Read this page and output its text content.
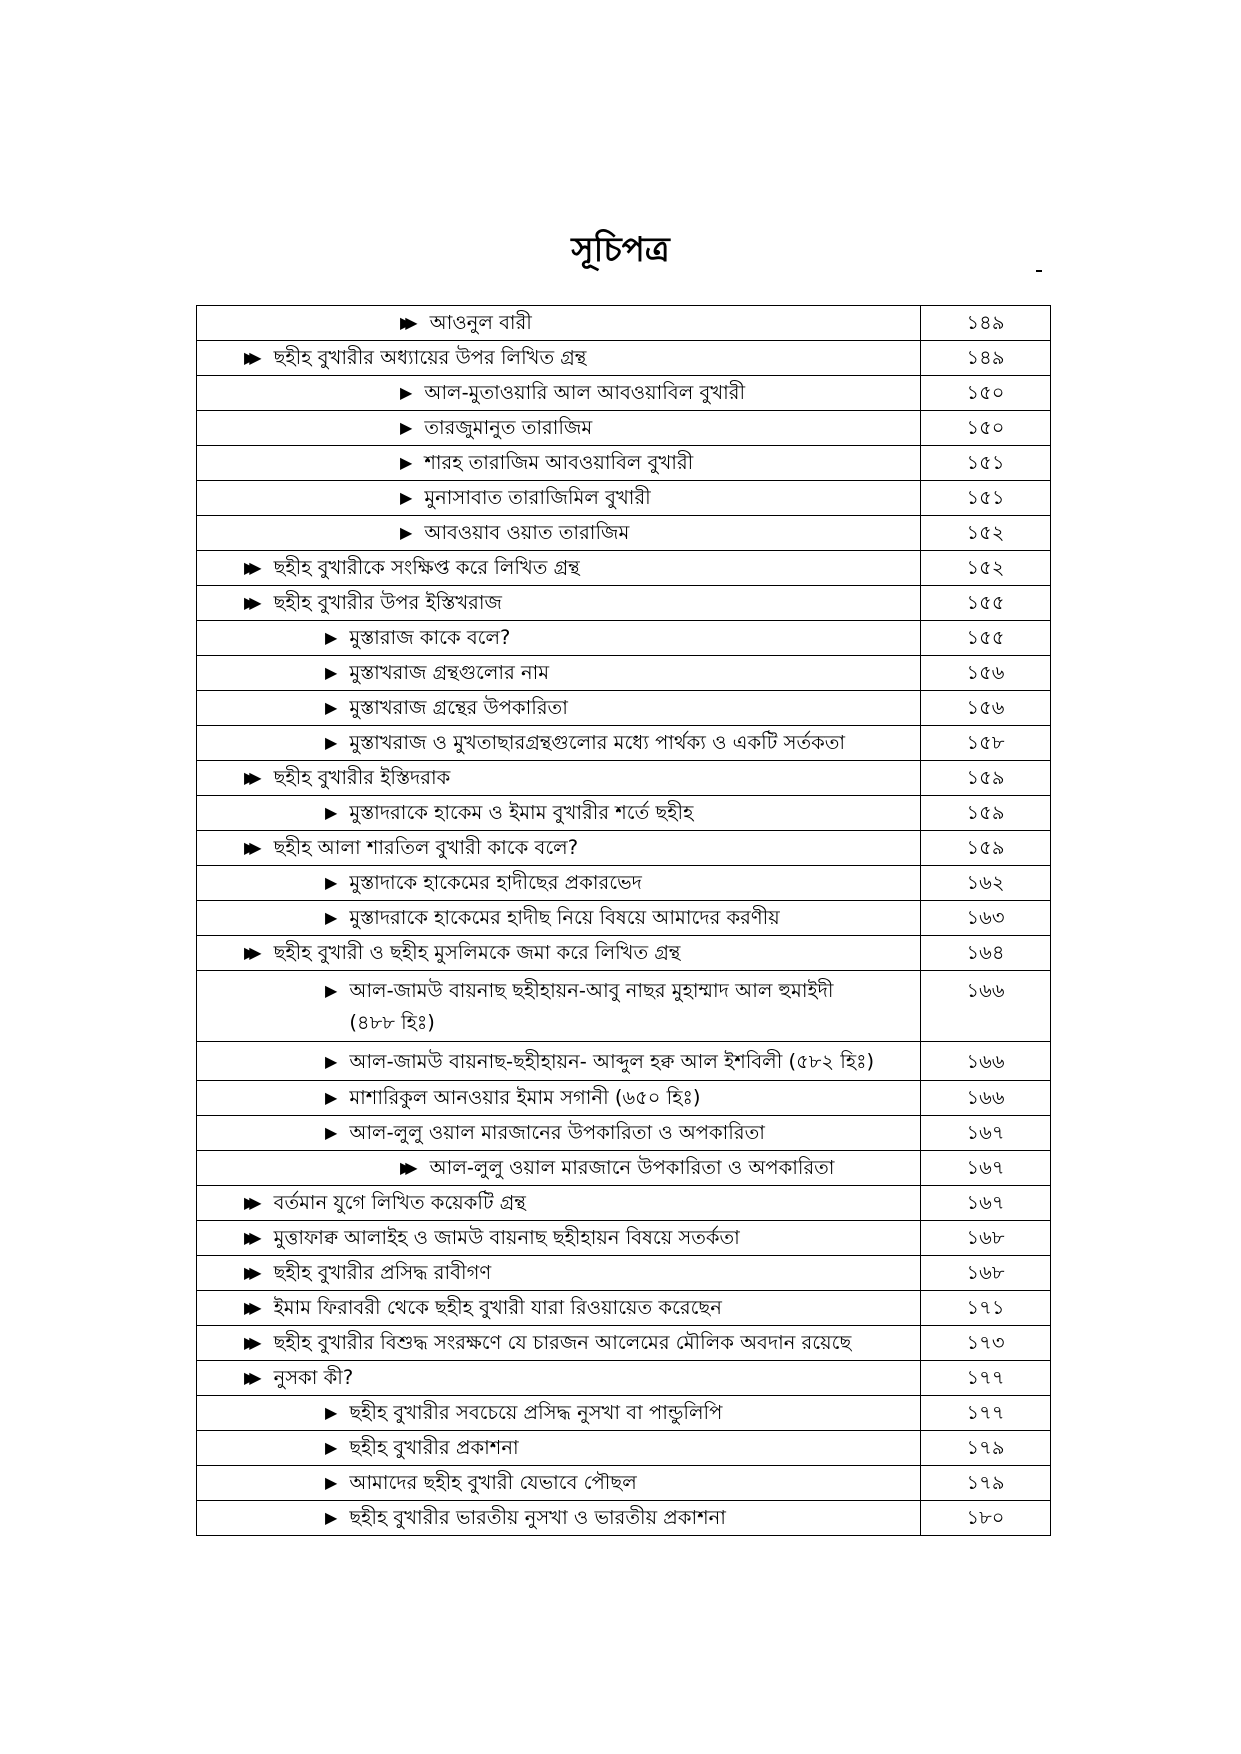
সূচিপত্র
▶▶ আওনুল বারী	১৪৯
▶▶ ছহীহ বুখারীর অধ্যায়ের উপর লিখিত গ্রন্থ	১৪৯
▶ আল-মুতাওয়ারি আল আবওয়াবিল বুখারী	১৫০
▶ তারজুমানুত তারাজিম	১৫০
▶ শারহ তারাজিম আবওয়াবিল বুখারী	১৫১
▶ মুনাসাবাত তারাজিমিল বুখারী	১৫১
▶ আবওয়াব ওয়াত তারাজিম	১৫২
▶▶ ছহীহ বুখারীকে সংক্ষিপ্ত করে লিখিত গ্রন্থ	১৫২
▶▶ ছহীহ বুখারীর উপর ইস্তিখরাজ	১৫৫
▶ মুস্তারাজ কাকে বলে?	১৫৫
▶ মুস্তাখরাজ গ্রন্থগুলোর নাম	১৫৬
▶ মুস্তাখরাজ গ্রন্থের উপকারিতা	১৫৬
▶ মুস্তাখরাজ ও মুখতাছারগ্রন্থগুলোর মধ্যে পার্থক্য ও একটি সর্তকতা	১৫৮
▶▶ ছহীহ বুখারীর ইস্তিদরাক	১৫৯
▶ মুস্তাদরাকে হাকেম ও ইমাম বুখারীর শর্তে ছহীহ	১৫৯
▶▶ ছহীহ আলা শারতিল বুখারী কাকে বলে?	১৫৯
▶ মুস্তাদাকে হাকেমের হাদীছের প্রকারভেদ	১৬২
▶ মুস্তাদরাকে হাকেমের হাদীছ নিয়ে বিষয়ে আমাদের করণীয়	১৬৩
▶▶ ছহীহ বুখারী ও ছহীহ মুসলিমকে জমা করে লিখিত গ্রন্থ	১৬৪
▶ আল-জামউ বায়নাছ ছহীহায়ন-আবু নাছর মুহাম্মাদ আল হুমাইদী (৪৮৮ হিঃ)	১৬৬
▶ আল-জামউ বায়নাছ-ছহীহায়ন- আব্দুল হক্ব আল ইশবিলী (৫৮২ হিঃ)	১৬৬
▶ মাশারিকুল আনওয়ার ইমাম সগানী (৬৫০ হিঃ)	১৬৬
▶ আল-লুলু ওয়াল মারজানের উপকারিতা ও অপকারিতা	১৬৭
▶▶ আল-লুলু ওয়াল মারজানে উপকারিতা ও অপকারিতা	১৬৭
▶▶ বর্তমান যুগে লিখিত কয়েকটি গ্রন্থ	১৬৭
▶▶ মুত্তাফাক্ব আলাইহ ও জামউ বায়নাছ ছহীহায়ন বিষয়ে সতর্কতা	১৬৮
▶▶ ছহীহ বুখারীর প্রসিদ্ধ রাবীগণ	১৬৮
▶▶ ইমাম ফিরাবরী থেকে ছহীহ বুখারী যারা রিওয়ায়েত করেছেন	১৭১
▶▶ ছহীহ বুখারীর বিশুদ্ধ সংরক্ষণে যে চারজন আলেমের মৌলিক অবদান রয়েছে	১৭৩
▶▶ নুসকা কী?	১৭৭
▶ ছহীহ বুখারীর সবচেয়ে প্রসিদ্ধ নুসখা বা পান্ডুলিপি	১৭৭
▶ ছহীহ বুখারীর প্রকাশনা	১৭৯
▶ আমাদের ছহীহ বুখারী যেভাবে পৌছল	১৭৯
▶ ছহীহ বুখারীর ভারতীয় নুসখা ও ভারতীয় প্রকাশনা	১৮০
